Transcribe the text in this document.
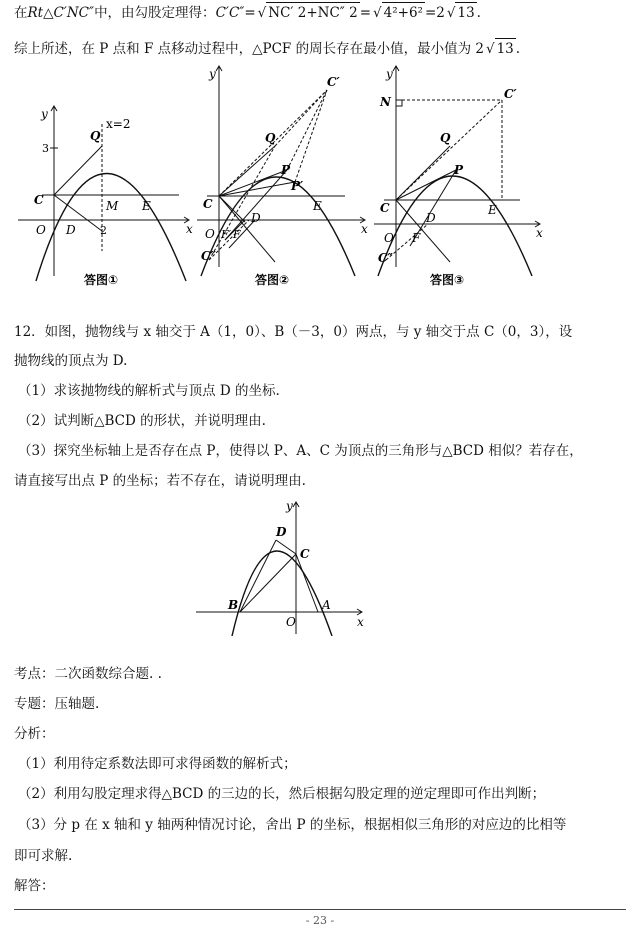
在Rt△C′NC″中，由勾股定理得：C′C″= √ NC′ 2+NC″ 2 = √ 4²+6² =2 √ 13 .
综上所述，在 P 点和 F 点移动过程中，△PCF 的周长存在最小值，最小值为 2 √ 13 .
y
x
3
Q
x=2
C	M E
O D 2
答图①
y
x
C′
Q
P
P′
C	E
D
O F
F′
C″
答图②
y
x
N
C′
Q
P
C
D
E
O F
C″
答图③
12．如图，抛物线与 x 轴交于 A（1，0）、B（－3，0）两点，与 y 轴交于点 C（0，3），设
抛物线的顶点为 D.
（1）求该抛物线的解析式与顶点 D 的坐标.
（2）试判断△BCD 的形状，并说明理由.
（3）探究坐标轴上是否存在点 P，使得以 P、A、C 为顶点的三角形与△BCD 相似？若存在，
请直接写出点 P 的坐标；若不存在，请说明理由.
y
x
D
C
B	A
O
考点：二次函数综合题. .
专题：压轴题.
分析：
（1）利用待定系数法即可求得函数的解析式；
（2）利用勾股定理求得△BCD 的三边的长，然后根据勾股定理的逆定理即可作出判断；
（3）分 p 在 x 轴和 y 轴两种情况讨论，舍出 P 的坐标，根据相似三角形的对应边的比相等
即可求解.
解答：
- 23 -
